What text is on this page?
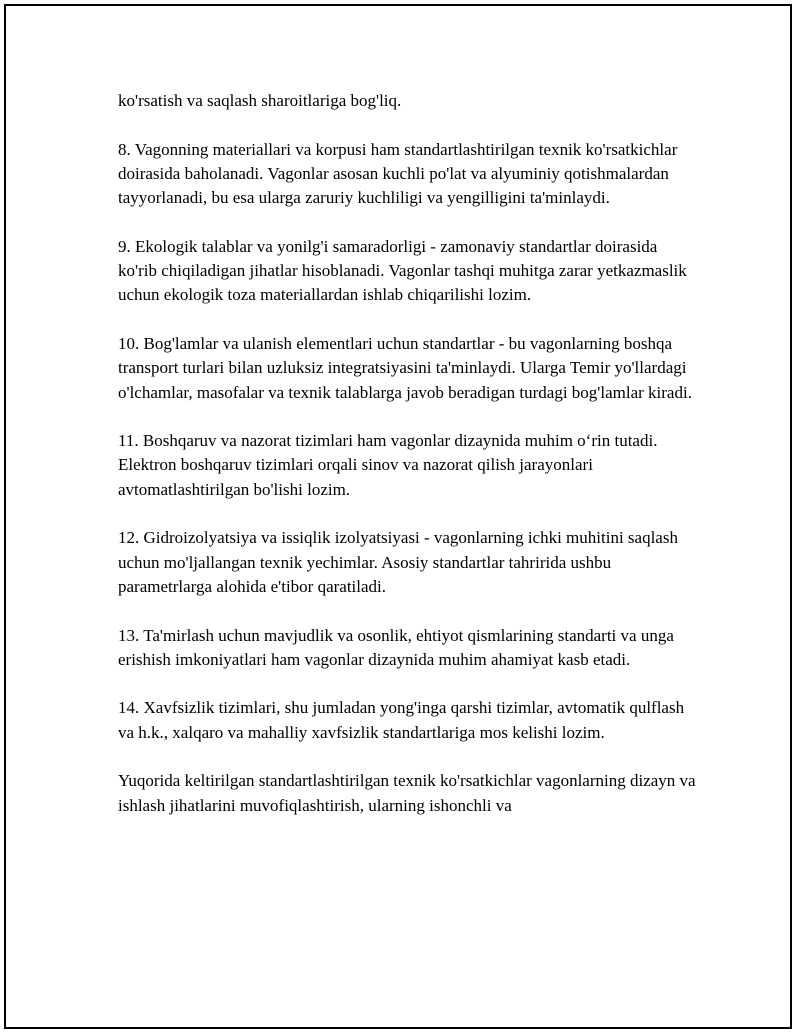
ko'rsatish va saqlash sharoitlariga bog'liq.

8. Vagonning materiallari va korpusi ham standartlashtirilgan texnik ko'rsatkichlar doirasida baholanadi. Vagonlar asosan kuchli po'lat va alyuminiy qotishmalardan tayyorlanadi, bu esa ularga zaruriy kuchliligi va yengilligini ta'minlaydi.

9. Ekologik talablar va yonilg'i samaradorligi - zamonaviy standartlar doirasida ko'rib chiqiladigan jihatlar hisoblanadi. Vagonlar tashqi muhitga zarar yetkazmaslik uchun ekologik toza materiallardan ishlab chiqarilishi lozim.

10. Bog'lamlar va ulanish elementlari uchun standartlar - bu vagonlarning boshqa transport turlari bilan uzluksiz integratsiyasini ta'minlaydi. Ularga Temir yo'llardagi o'lchamlar, masofalar va texnik talablarga javob beradigan turdagi bog'lamlar kiradi.

11. Boshqaruv va nazorat tizimlari ham vagonlar dizaynida muhim o‘rin tutadi. Elektron boshqaruv tizimlari orqali sinov va nazorat qilish jarayonlari avtomatlashtirilgan bo'lishi lozim.

12. Gidroizolyatsiya va issiqlik izolyatsiyasi - vagonlarning ichki muhitini saqlash uchun mo'ljallangan texnik yechimlar. Asosiy standartlar tahririda ushbu parametrlarga alohida e'tibor qaratiladi.

13. Ta'mirlash uchun mavjudlik va osonlik, ehtiyot qismlarining standarti va unga erishish imkoniyatlari ham vagonlar dizaynida muhim ahamiyat kasb etadi.

14. Xavfsizlik tizimlari, shu jumladan yong'inga qarshi tizimlar, avtomatik qulflash va h.k., xalqaro va mahalliy xavfsizlik standartlariga mos kelishi lozim.

Yuqorida keltirilgan standartlashtirilgan texnik ko'rsatkichlar vagonlarning dizayn va ishlash jihatlarini muvofiqlashtirish, ularning ishonchli va
